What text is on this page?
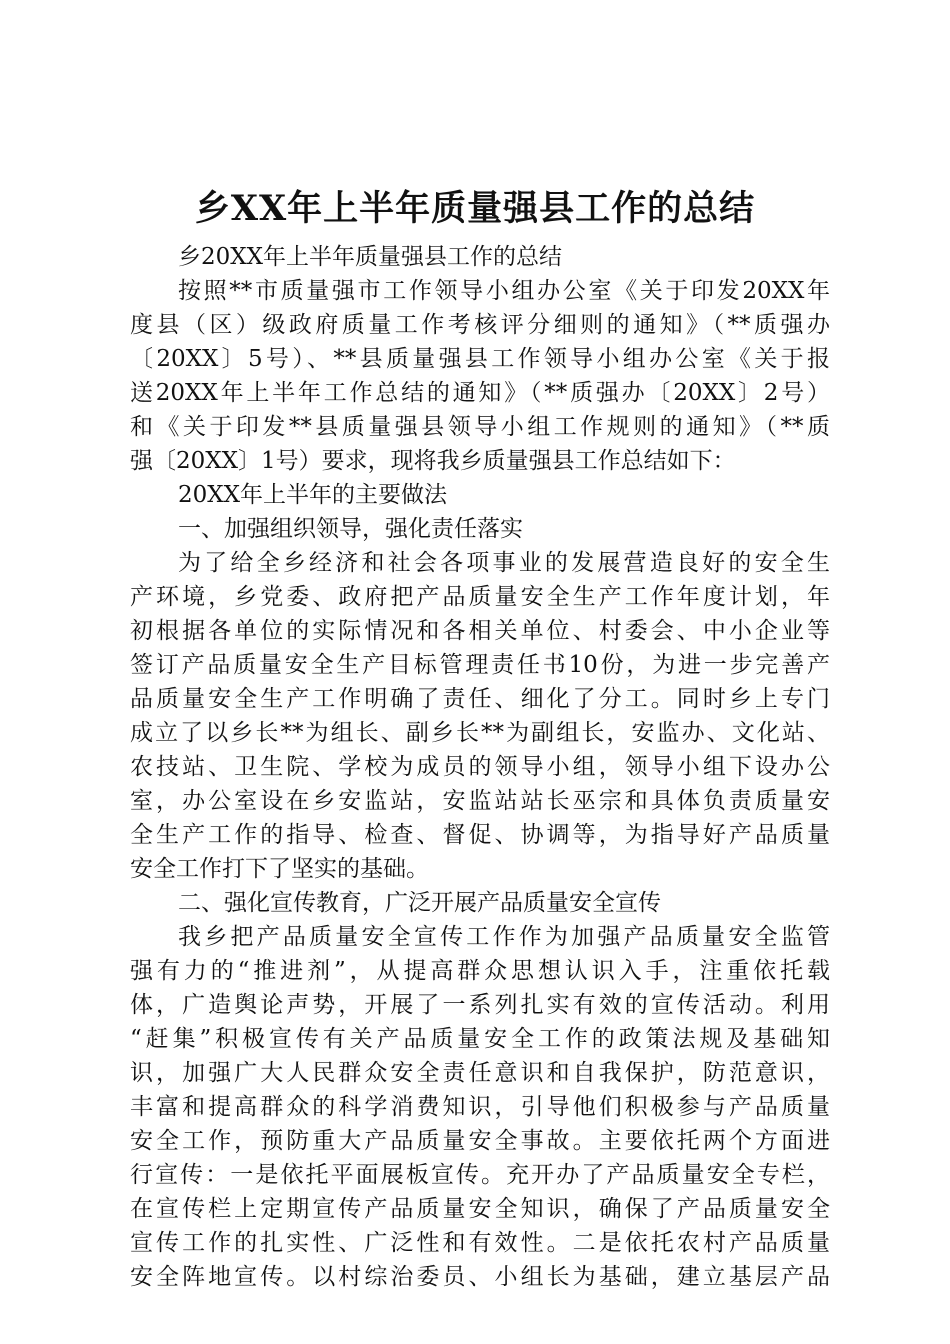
乡XX年上半年质量强县工作的总结
乡20XX年上半年质量强县工作的总结
按照**市质量强市工作领导小组办公室《关于印发20XX年
度县（区）级政府质量工作考核评分细则的通知》（**质强办
〔20XX〕5号）、**县质量强县工作领导小组办公室《关于报
送20XX年上半年工作总结的通知》（**质强办〔20XX〕2号）
和《关于印发**县质量强县领导小组工作规则的通知》（**质
强〔20XX〕1号）要求，现将我乡质量强县工作总结如下：
20XX年上半年的主要做法
一、加强组织领导，强化责任落实
为了给全乡经济和社会各项事业的发展营造良好的安全生
产环境，乡党委、政府把产品质量安全生产工作年度计划，年
初根据各单位的实际情况和各相关单位、村委会、中小企业等
签订产品质量安全生产目标管理责任书10份，为进一步完善产
品质量安全生产工作明确了责任、细化了分工。同时乡上专门
成立了以乡长**为组长、副乡长**为副组长，安监办、文化站、
农技站、卫生院、学校为成员的领导小组，领导小组下设办公
室，办公室设在乡安监站，安监站站长巫宗和具体负责质量安
全生产工作的指导、检查、督促、协调等，为指导好产品质量
安全工作打下了坚实的基础。
二、强化宣传教育，广泛开展产品质量安全宣传
我乡把产品质量安全宣传工作作为加强产品质量安全监管
强有力的“推进剂”，从提高群众思想认识入手，注重依托载
体，广造舆论声势，开展了一系列扎实有效的宣传活动。利用
“赶集”积极宣传有关产品质量安全工作的政策法规及基础知
识，加强广大人民群众安全责任意识和自我保护，防范意识，
丰富和提高群众的科学消费知识，引导他们积极参与产品质量
安全工作，预防重大产品质量安全事故。主要依托两个方面进
行宣传：一是依托平面展板宣传。充开办了产品质量安全专栏，
在宣传栏上定期宣传产品质量安全知识，确保了产品质量安全
宣传工作的扎实性、广泛性和有效性。二是依托农村产品质量
安全阵地宣传。以村综治委员、小组长为基础，建立基层产品
